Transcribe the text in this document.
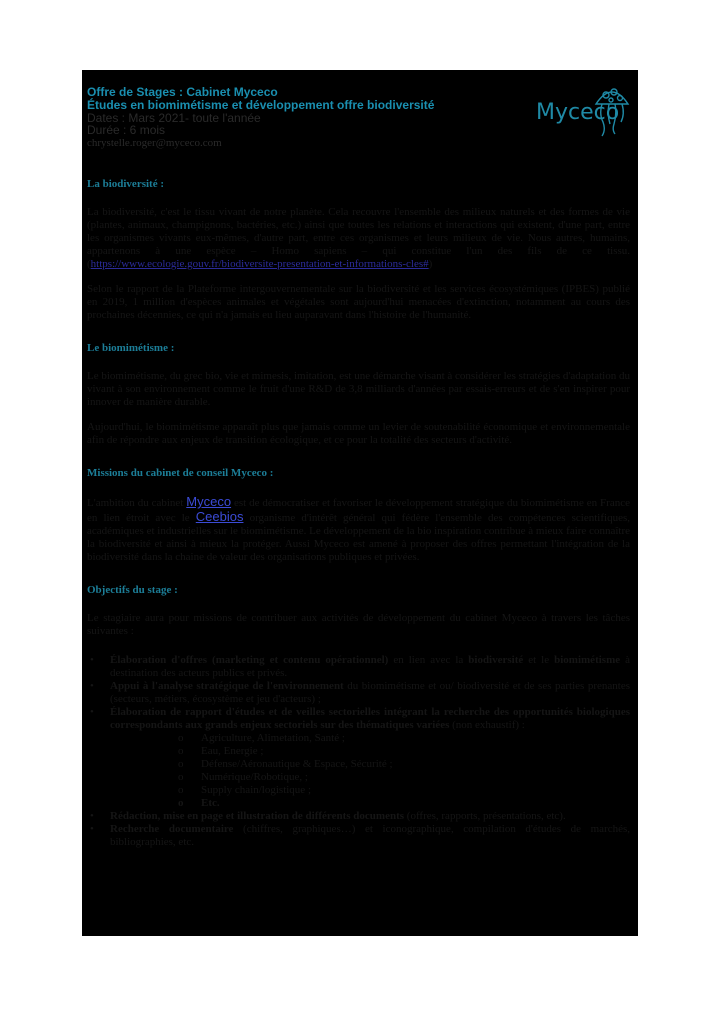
Offre de Stages : Cabinet Myceco
Études en biomimétisme et développement offre biodiversité
Dates : Mars 2021- toute l'année
Durée : 6 mois
chrystelle.roger@myceco.com
Myceco
La biodiversité :

La biodiversité, c'est le tissu vivant de notre planète. Cela recouvre l'ensemble des milieux naturels et des formes de vie (plantes, animaux, champignons, bactéries, etc.) ainsi que toutes les relations et interactions qui existent, d'une part, entre les organismes vivants eux-mêmes, d'autre part, entre ces organismes et leurs milieux de vie. Nous autres, humains, appartenons à une espèce – Homo sapiens – qui constitue l'un des fils de ce tissu. (https://www.ecologie.gouv.fr/biodiversite-presentation-et-informations-cles#)

Selon le rapport de la Plateforme intergouvernementale sur la biodiversité et les services écosystémiques (IPBES) publié en 2019, 1 million d'espèces animales et végétales sont aujourd'hui menacées d'extinction, notamment au cours des prochaines décennies, ce qui n'a jamais eu lieu auparavant dans l'histoire de l'humanité.

Le biomimétisme :

Le biomimétisme, du grec bio, vie et mimesis, imitation, est une démarche visant à considérer les stratégies d'adaptation du vivant à son environnement comme le fruit d'une R&D de 3,8 milliards d'années par essais-erreurs et de s'en inspirer pour innover de manière durable.

Aujourd'hui, le biomimétisme apparaît plus que jamais comme un levier de soutenabilité économique et environnementale afin de répondre aux enjeux de transition écologique, et ce pour la totalité des secteurs d'activité.

Missions du cabinet de conseil Myceco :

L'ambition du cabinet Myceco est de démocratiser et favoriser le développement stratégique du biomimétisme en France en lien étroit avec le Ceebios organisme d'intérêt général qui fédère l'ensemble des compétences scientifiques, académiques et industrielles sur le biomimétisme. Le développement de la bio inspiration contribue à mieux faire connaître la biodiversité et ainsi à mieux la protéger. Aussi Myceco est amené à proposer des offres permettant l'intégration de la biodiversité dans la chaine de valeur des organisations publiques et privées.

Objectifs du stage :

Le stagiaire aura pour missions de contribuer aux activités de développement du cabinet Myceco à travers les tâches suivantes :

• Élaboration d'offres (marketing et contenu opérationnel) en lien avec la biodiversité et le biomimétisme à destination des acteurs publics et privés.
• Appui à l'analyse stratégique de l'environnement du biomimétisme et ou/ biodiversité et de ses parties prenantes (secteurs, métiers, écosystème et jeu d'acteurs) ;
• Élaboration de rapport d'études et de veilles sectorielles intégrant la recherche des opportunités biologiques correspondants aux grands enjeux sectoriels sur des thématiques variées (non exhaustif) :
o Agriculture, Alimetation, Santé ;
o Eau, Energie ;
o Défense/Aéronautique & Espace, Sécurité ;
o Numérique/Robotique, ;
o Supply chain/logistique ;
o Etc.
• Rédaction, mise en page et illustration de différents documents (offres, rapports, présentations, etc).
• Recherche documentaire (chiffres, graphiques…) et iconographique, compilation d'études de marchés, bibliographies, etc.
